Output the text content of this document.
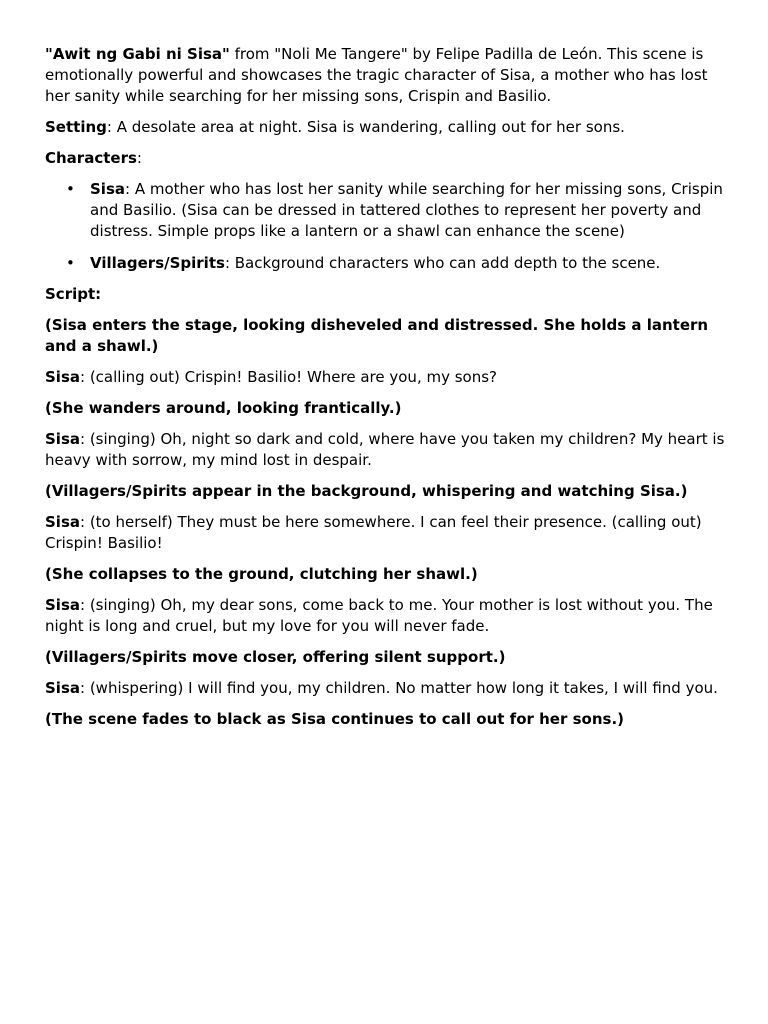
"Awit ng Gabi ni Sisa" from "Noli Me Tangere" by Felipe Padilla de León. This scene is emotionally powerful and showcases the tragic character of Sisa, a mother who has lost her sanity while searching for her missing sons, Crispin and Basilio.

Setting: A desolate area at night. Sisa is wandering, calling out for her sons.

Characters:

• Sisa: A mother who has lost her sanity while searching for her missing sons, Crispin and Basilio. (Sisa can be dressed in tattered clothes to represent her poverty and distress. Simple props like a lantern or a shawl can enhance the scene)
• Villagers/Spirits: Background characters who can add depth to the scene.

Script:

(Sisa enters the stage, looking disheveled and distressed. She holds a lantern and a shawl.)

Sisa: (calling out) Crispin! Basilio! Where are you, my sons?

(She wanders around, looking frantically.)

Sisa: (singing) Oh, night so dark and cold, where have you taken my children? My heart is heavy with sorrow, my mind lost in despair.

(Villagers/Spirits appear in the background, whispering and watching Sisa.)

Sisa: (to herself) They must be here somewhere. I can feel their presence. (calling out) Crispin! Basilio!

(She collapses to the ground, clutching her shawl.)

Sisa: (singing) Oh, my dear sons, come back to me. Your mother is lost without you. The night is long and cruel, but my love for you will never fade.

(Villagers/Spirits move closer, offering silent support.)

Sisa: (whispering) I will find you, my children. No matter how long it takes, I will find you.

(The scene fades to black as Sisa continues to call out for her sons.)
